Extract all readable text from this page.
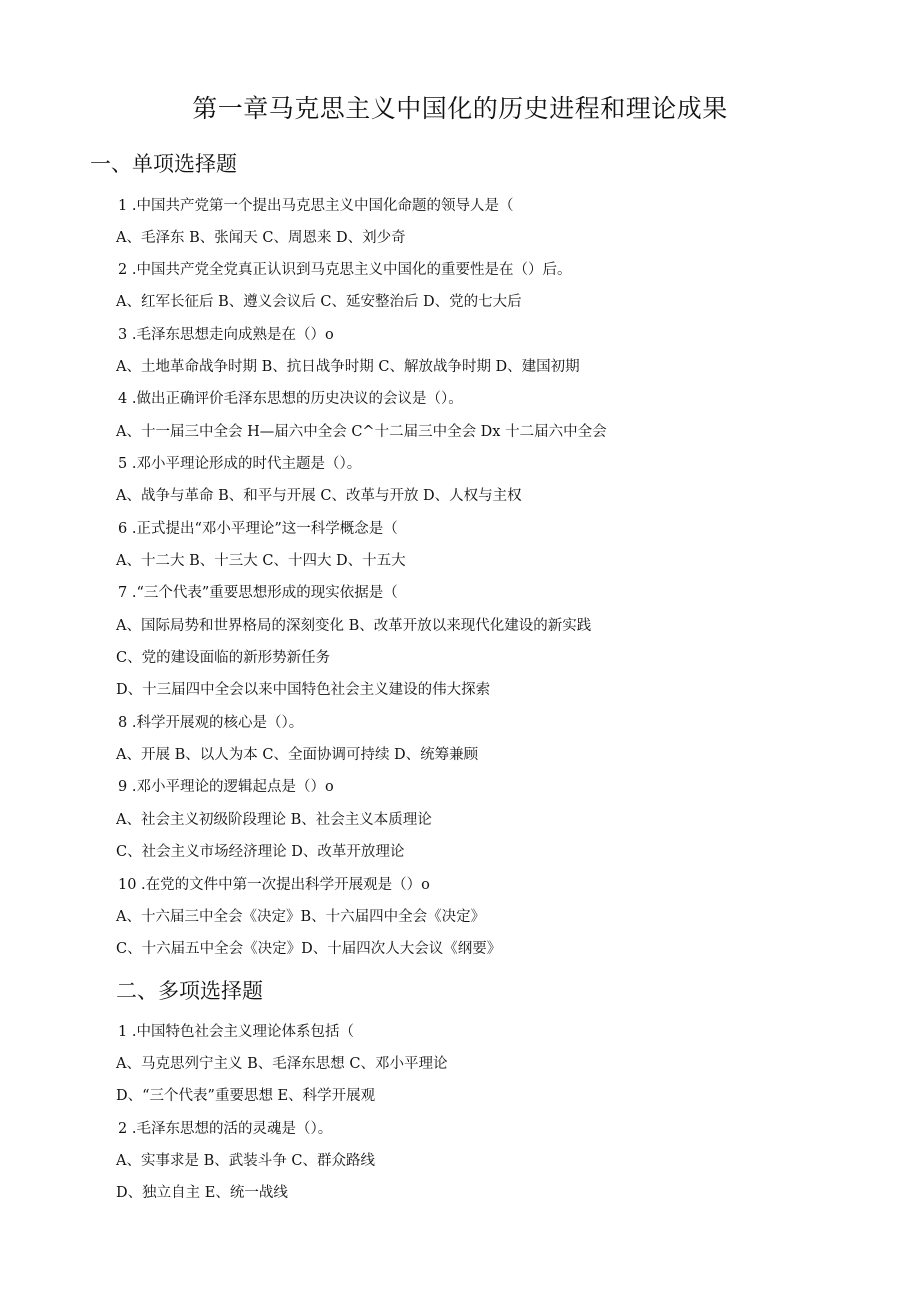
第一章马克思主义中国化的历史进程和理论成果
一、单项选择题

1 .中国共产党第一个提出马克思主义中国化命题的领导人是（

A、毛泽东 B、张闻天 C、周恩来 D、刘少奇

2 .中国共产党全党真正认识到马克思主义中国化的重要性是在（）后。

A、红军长征后 B、遵义会议后 C、延安整治后 D、党的七大后

3 .毛泽东思想走向成熟是在（）o

A、土地革命战争时期 B、抗日战争时期 C、解放战争时期 D、建国初期

4 .做出正确评价毛泽东思想的历史决议的会议是（）。

A、十一届三中全会 H—届六中全会 C^十二届三中全会 Dx 十二届六中全会

5 .邓小平理论形成的时代主题是（）。

A、战争与革命 B、和平与开展 C、改革与开放 D、人权与主权

6 .正式提出“邓小平理论”这一科学概念是（

A、十二大 B、十三大 C、十四大 D、十五大

7 .“三个代表”重要思想形成的现实依据是（

A、国际局势和世界格局的深刻变化 B、改革开放以来现代化建设的新实践

C、党的建设面临的新形势新任务

D、十三届四中全会以来中国特色社会主义建设的伟大探索

8 .科学开展观的核心是（）。

A、开展 B、以人为本 C、全面协调可持续 D、统筹兼顾

9 .邓小平理论的逻辑起点是（）o

A、社会主义初级阶段理论 B、社会主义本质理论

C、社会主义市场经济理论 D、改革开放理论

10 .在党的文件中第一次提出科学开展观是（）o

A、十六届三中全会《决定》B、十六届四中全会《决定》

C、十六届五中全会《决定》D、十届四次人大会议《纲要》

二、多项选择题

1 .中国特色社会主义理论体系包括（

A、马克思列宁主义 B、毛泽东思想 C、邓小平理论

D、“三个代表”重要思想 E、科学开展观

2 .毛泽东思想的活的灵魂是（）。

A、实事求是 B、武装斗争 C、群众路线

D、独立自主 E、统一战线
